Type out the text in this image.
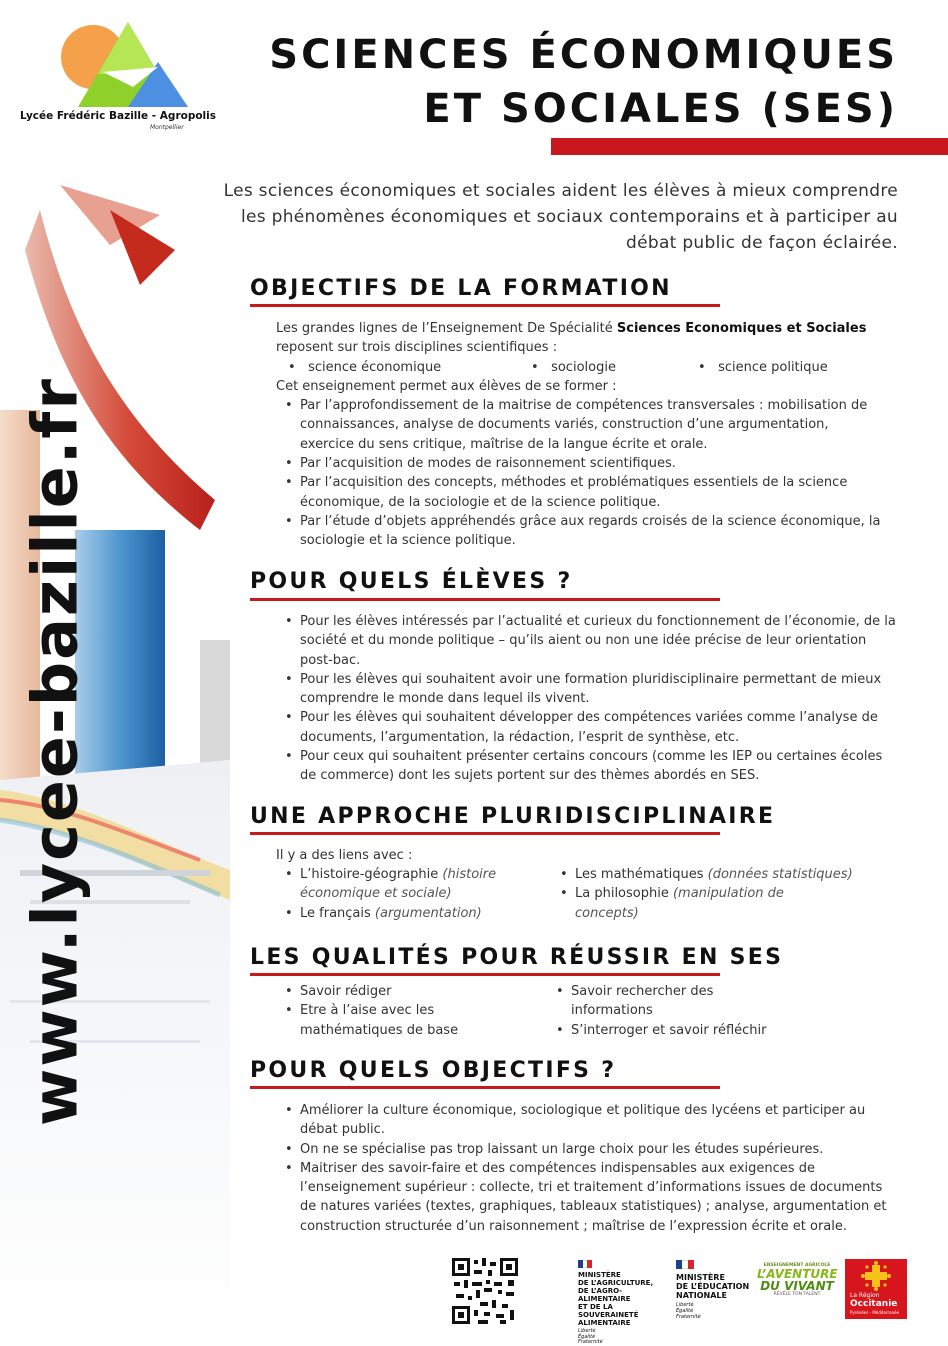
www.lycee-bazille.fr
Lycée Frédéric Bazille - Agropolis
Montpellier
SCIENCES ÉCONOMIQUES
ET SOCIALES (SES)
Les sciences économiques et sociales aident les élèves à mieux comprendre les phénomènes économiques et sociaux contemporains et à participer au débat public de façon éclairée.
OBJECTIFS DE LA FORMATION
Les grandes lignes de l’Enseignement De Spécialité Sciences Economiques et Sociales reposent sur trois disciplines scientifiques :
•   science économique	•   sociologie	•   science politique
Cet enseignement permet aux élèves de se former :
• Par l’approfondissement de la maitrise de compétences transversales : mobilisation de connaissances, analyse de documents variés, construction d’une argumentation, exercice du sens critique, maîtrise de la langue écrite et orale.
• Par l’acquisition de modes de raisonnement scientifiques.
• Par l’acquisition des concepts, méthodes et problématiques essentiels de la science économique, de la sociologie et de la science politique.
• Par l’étude d’objets appréhendés grâce aux regards croisés de la science économique, la sociologie et la science politique.
POUR QUELS ÉLÈVES ?
• Pour les élèves intéressés par l’actualité et curieux du fonctionnement de l’économie, de la société et du monde politique – qu’ils aient ou non une idée précise de leur orientation post-bac.
• Pour les élèves qui souhaitent avoir une formation pluridisciplinaire permettant de mieux comprendre le monde dans lequel ils vivent.
• Pour les élèves qui souhaitent développer des compétences variées comme l’analyse de documents, l’argumentation, la rédaction, l’esprit de synthèse, etc.
• Pour ceux qui souhaitent présenter certains concours (comme les IEP ou certaines écoles de commerce) dont les sujets portent sur des thèmes abordés en SES.
UNE APPROCHE PLURIDISCIPLINAIRE
Il y a des liens avec :
• L’histoire-géographie (histoire économique et sociale)
• Le français (argumentation)
• Les mathématiques (données statistiques)
• La philosophie (manipulation de concepts)
LES QUALITÉS POUR RÉUSSIR EN SES
• Savoir rédiger
• Etre à l’aise avec les mathématiques de base
• Savoir rechercher des informations
• S’interroger et savoir réfléchir
POUR QUELS OBJECTIFS ?
• Améliorer la culture économique, sociologique et politique des lycéens et participer au débat public.
• On ne se spécialise pas trop laissant un large choix pour les études supérieures.
• Maitriser des savoir-faire et des compétences indispensables aux exigences de l’enseignement supérieur : collecte, tri et traitement d’informations issues de documents de natures variées (textes, graphiques, tableaux statistiques) ; analyse, argumentation et construction structurée d’un raisonnement ; maîtrise de l’expression écrite et orale.
MINISTÈRE
DE L’AGRICULTURE,
DE L’AGRO-ALIMENTAIRE
ET DE LA SOUVERAINETÉ
ALIMENTAIRE
Liberté
Égalité
Fraternité
MINISTÈRE
DE L’ÉDUCATION
NATIONALE
Liberté
Égalité
Fraternité
ENSEIGNEMENT AGRICOLE
L’AVENTURE
DU VIVANT
RÉVÈLE TON TALENT	La Région
Occitanie
Pyrénées - Méditerranée
